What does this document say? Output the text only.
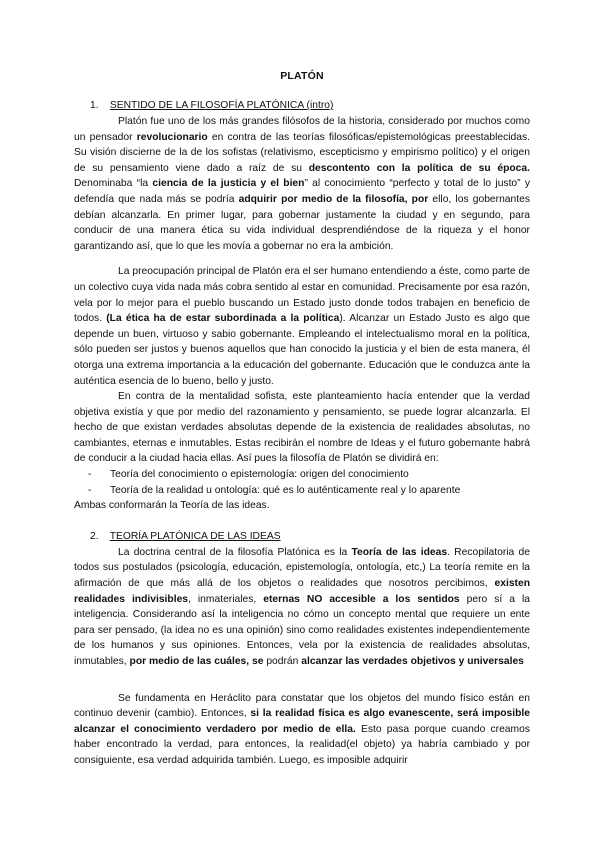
PLATÓN
1. SENTIDO DE LA FILOSOFÍA PLATÓNICA (intro)

Platón fue uno de los más grandes filósofos de la historia, considerado por muchos como un pensador revolucionario en contra de las teorías filosóficas/epistemológicas preestablecidas. Su visión discierne de la de los sofistas (relativismo, escepticismo y empirismo político) y el origen de su pensamiento viene dado a raíz de su descontento con la política de su época. Denominaba “la ciencia de la justicia y el bien” al conocimiento “perfecto y total de lo justo” y defendía que nada más se podría adquirir por medio de la filosofía, por ello, los gobernantes debían alcanzarla. En primer lugar, para gobernar justamente la ciudad y en segundo, para conducir de una manera ética su vida individual desprendiéndose de la riqueza y el honor garantizando así, que lo que les movía a gobernar no era la ambición.

La preocupación principal de Platón era el ser humano entendiendo a éste, como parte de un colectivo cuya vida nada más cobra sentido al estar en comunidad. Precisamente por esa razón, vela por lo mejor para el pueblo buscando un Estado justo donde todos trabajen en beneficio de todos. (La ética ha de estar subordinada a la política). Alcanzar un Estado Justo es algo que depende un buen, virtuoso y sabio gobernante. Empleando el intelectualismo moral en la política, sólo pueden ser justos y buenos aquellos que han conocido la justicia y el bien de esta manera, él otorga una extrema importancia a la educación del gobernante. Educación que le conduzca ante la auténtica esencia de lo bueno, bello y justo.

En contra de la mentalidad sofista, este planteamiento hacía entender que la verdad objetiva existía y que por medio del razonamiento y pensamiento, se puede lograr alcanzarla. El hecho de que existan verdades absolutas depende de la existencia de realidades absolutas, no cambiantes, eternas e inmutables. Estas recibirán el nombre de Ideas y el futuro gobernante habrá de conducir a la ciudad hacia ellas. Así pues la filosofía de Platón se dividirá en:

- Teoría del conocimiento o epistemología: origen del conocimiento
- Teoría de la realidad u ontología: qué es lo auténticamente real y lo aparente

Ambas conformarán la Teoría de las ideas.

2. TEORÍA PLATÓNICA DE LAS IDEAS

La doctrina central de la filosofía Platónica es la Teoría de las ideas. Recopilatoria de todos sus postulados (psicología, educación, epistemología, ontología, etc,) La teoría remite en la afirmación de que más allá de los objetos o realidades que nosotros percibimos, existen realidades indivisibles, inmateriales, eternas NO accesible a los sentidos pero sí a la inteligencia. Considerando así la inteligencia no cómo un concepto mental que requiere un ente para ser pensado, (la idea no es una opinión) sino como realidades existentes independientemente de los humanos y sus opiniones. Entonces, vela por la existencia de realidades absolutas, inmutables, por medio de las cuáles, se podrán alcanzar las verdades objetivos y universales

Se fundamenta en Heráclito para constatar que los objetos del mundo físico están en continuo devenir (cambio). Entonces, si la realidad física es algo evanescente, será imposible alcanzar el conocimiento verdadero por medio de ella. Esto pasa porque cuando creamos haber encontrado la verdad, para entonces, la realidad(el objeto) ya habría cambiado y por consiguiente, esa verdad adquirida también. Luego, es imposible adquirir
